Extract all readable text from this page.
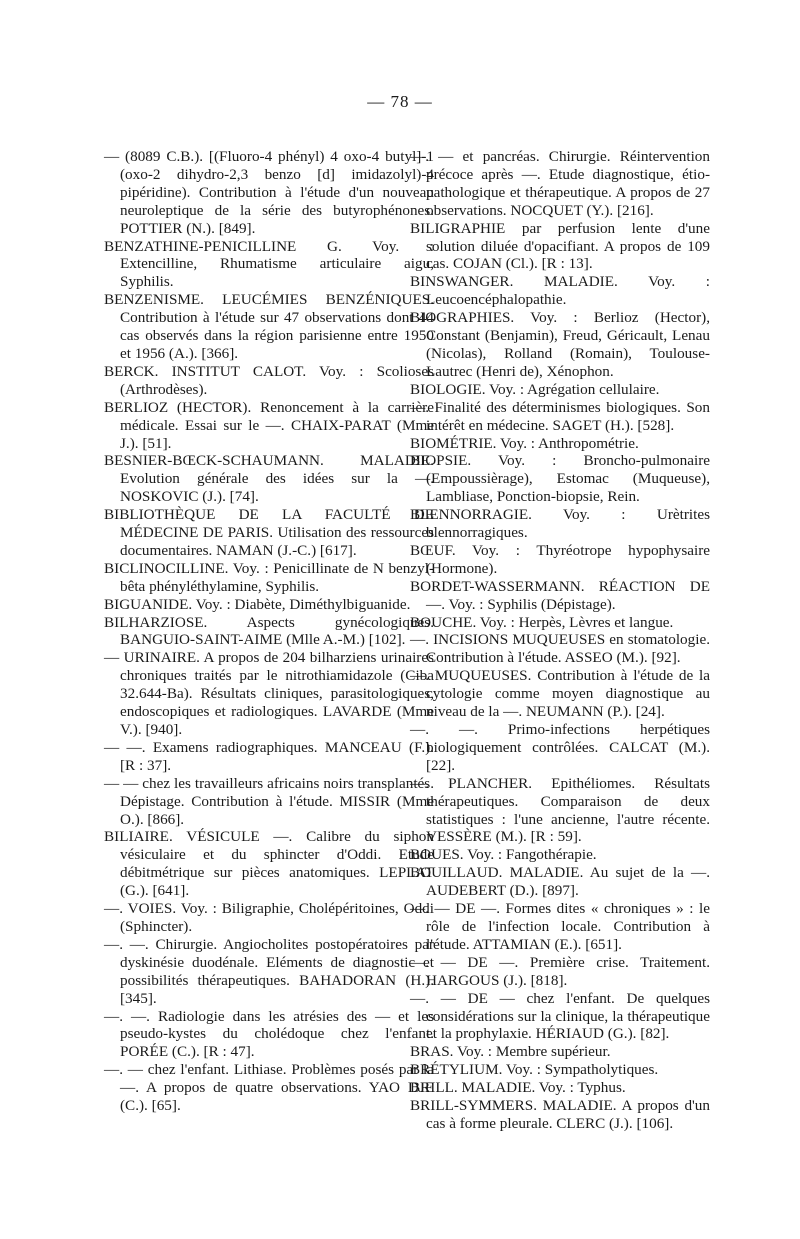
— 78 —

— (8089 C.B.). [(Fluoro-4 phényl) 4 oxo-4 butyl]-1 (oxo-2 dihydro-2,3 benzo [d] imidazolyl)-4 pipéridine). Contribution à l'étude d'un nouveau neuroleptique de la série des butyrophénones. POTTIER (N.). [849].

BENZATHINE-PENICILLINE G. Voy. : Extencilline, Rhumatisme articulaire aigu, Syphilis.

BENZENISME. LEUCÉMIES BENZÉNIQUES. Contribution à l'étude sur 47 observations dont 44 cas observés dans la région parisienne entre 1950 et 1956 (A.). [366].

BERCK. INSTITUT CALOT. Voy. : Scolioses (Arthrodèses).

BERLIOZ (HECTOR). Renoncement à la carrière médicale. Essai sur le —. CHAIX-PARAT (Mme J.). [51].

BESNIER-BŒCK-SCHAUMANN. MALADIE. Evolution générale des idées sur la —. NOSKOVIC (J.). [74].

BIBLIOTHÈQUE DE LA FACULTÉ DE MÉDECINE DE PARIS. Utilisation des ressources documentaires. NAMAN (J.-C.) [617].

BICLINOCILLINE. Voy. : Penicillinate de N benzyl-bêta phényléthylamine, Syphilis.

BIGUANIDE. Voy. : Diabète, Diméthylbiguanide.

BILHARZIOSE. Aspects gynécologiques. BANGUIO-SAINT-AIME (Mlle A.-M.) [102].

— URINAIRE. A propos de 204 bilharziens urinaires chroniques traités par le nitrothiamidazole (Ciba 32.644-Ba). Résultats cliniques, parasitologiques, endoscopiques et radiologiques. LAVARDE (Mme V.). [940].

— —. Examens radiographiques. MANCEAU (F.). [R : 37].

— — chez les travailleurs africains noirs transplantés. Dépistage. Contribution à l'étude. MISSIR (Mme O.). [866].

BILIAIRE. VÉSICULE —. Calibre du siphon vésiculaire et du sphincter d'Oddi. Etude débitmétrique sur pièces anatomiques. LEPLAT (G.). [641].

—. VOIES. Voy. : Biligraphie, Cholépéritoines, Oddi (Sphincter).

—. —. Chirurgie. Angiocholites postopératoires par dyskinésie duodénale. Eléments de diagnostic et possibilités thérapeutiques. BAHADORAN (H.). [345].

—. —. Radiologie dans les atrésies des — et les pseudo-kystes du cholédoque chez l'enfant. PORÉE (C.). [R : 47].

—. — chez l'enfant. Lithiase. Problèmes posés par la —. A propos de quatre observations. YAO DJE (C.). [65].

—. — et pancréas. Chirurgie. Réintervention précoce après —. Etude diagnostique, étio-pathologique et thérapeutique. A propos de 27 observations. NOCQUET (Y.). [216].

BILIGRAPHIE par perfusion lente d'une solution diluée d'opacifiant. A propos de 109 cas. COJAN (Cl.). [R : 13].

BINSWANGER. MALADIE. Voy. : Leucoencéphalopathie.

BIOGRAPHIES. Voy. : Berlioz (Hector), Constant (Benjamin), Freud, Géricault, Lenau (Nicolas), Rolland (Romain), Toulouse-Lautrec (Henri de), Xénophon.

BIOLOGIE. Voy. : Agrégation cellulaire.

—. Finalité des déterminismes biologiques. Son intérêt en médecine. SAGET (H.). [528].

BIOMÉTRIE. Voy. : Anthropométrie.

BIOPSIE. Voy. : Broncho-pulmonaire (Empoussièrage), Estomac (Muqueuse), Lambliase, Ponction-biopsie, Rein.

BLENNORRAGIE. Voy. : Urètrites blennorragiques.

BŒUF. Voy. : Thyréotrope hypophysaire (Hormone).

BORDET-WASSERMANN. RÉACTION DE —. Voy. : Syphilis (Dépistage).

BOUCHE. Voy. : Herpès, Lèvres et langue.

—. INCISIONS MUQUEUSES en stomatologie. Contribution à l'étude. ASSEO (M.). [92].

—. MUQUEUSES. Contribution à l'étude de la cytologie comme moyen diagnostique au niveau de la —. NEUMANN (P.). [24].

—. —. Primo-infections herpétiques biologiquement contrôlées. CALCAT (M.). [22].

—. PLANCHER. Epithéliomes. Résultats thérapeutiques. Comparaison de deux statistiques : l'une ancienne, l'autre récente. VESSÈRE (M.). [R : 59].

BOUES. Voy. : Fangothérapie.

BOUILLAUD. MALADIE. Au sujet de la —. AUDEBERT (D.). [897].

—. — DE —. Formes dites « chroniques » : le rôle de l'infection locale. Contribution à l'étude. ATTAMIAN (E.). [651].

—. — DE —. Première crise. Traitement. HARGOUS (J.). [818].

—. — DE — chez l'enfant. De quelques considérations sur la clinique, la thérapeutique et la prophylaxie. HÉRIAUD (G.). [82].

BRAS. Voy. : Membre supérieur.

BRÉTYLIUM. Voy. : Sympatholytiques.

BRILL. MALADIE. Voy. : Typhus.

BRILL-SYMMERS. MALADIE. A propos d'un cas à forme pleurale. CLERC (J.). [106].
